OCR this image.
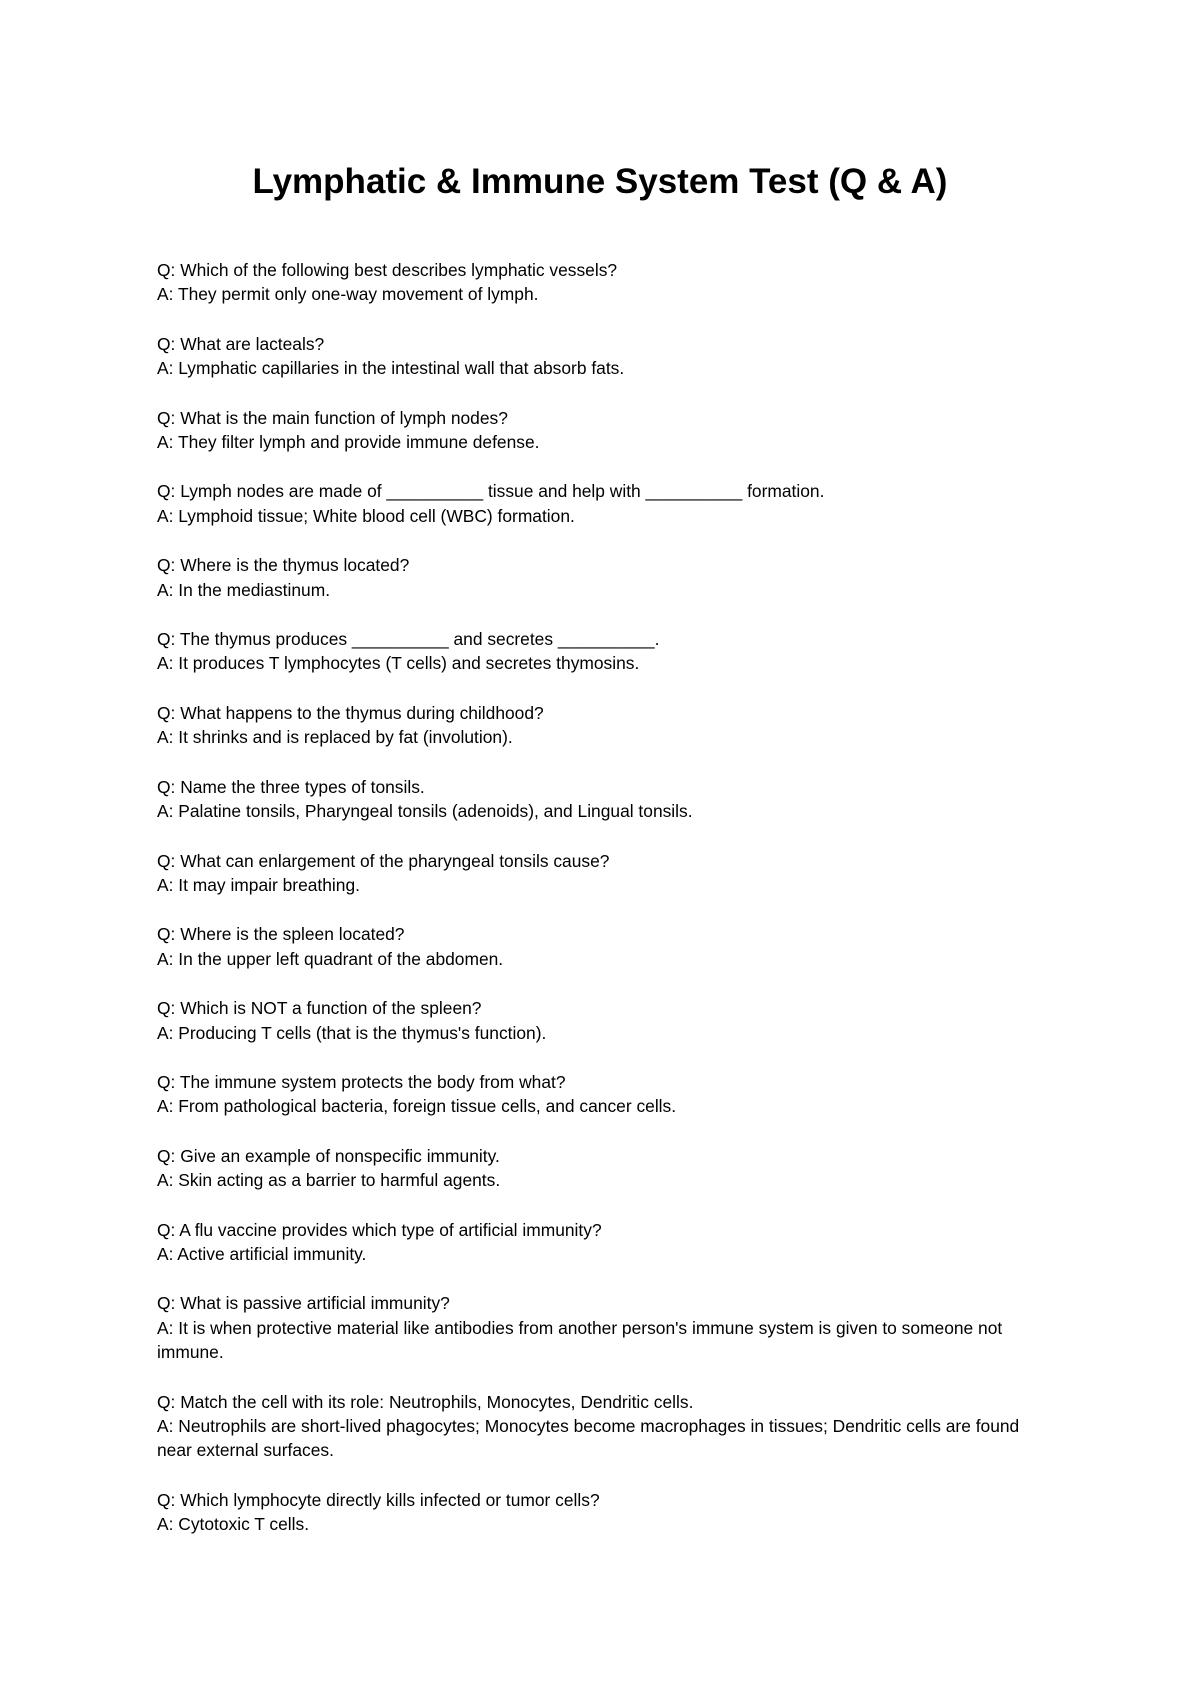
Lymphatic & Immune System Test (Q & A)
Q: Which of the following best describes lymphatic vessels?
A: They permit only one-way movement of lymph.
Q: What are lacteals?
A: Lymphatic capillaries in the intestinal wall that absorb fats.
Q: What is the main function of lymph nodes?
A: They filter lymph and provide immune defense.
Q: Lymph nodes are made of __________ tissue and help with __________ formation.
A: Lymphoid tissue; White blood cell (WBC) formation.
Q: Where is the thymus located?
A: In the mediastinum.
Q: The thymus produces __________ and secretes __________.
A: It produces T lymphocytes (T cells) and secretes thymosins.
Q: What happens to the thymus during childhood?
A: It shrinks and is replaced by fat (involution).
Q: Name the three types of tonsils.
A: Palatine tonsils, Pharyngeal tonsils (adenoids), and Lingual tonsils.
Q: What can enlargement of the pharyngeal tonsils cause?
A: It may impair breathing.
Q: Where is the spleen located?
A: In the upper left quadrant of the abdomen.
Q: Which is NOT a function of the spleen?
A: Producing T cells (that is the thymus's function).
Q: The immune system protects the body from what?
A: From pathological bacteria, foreign tissue cells, and cancer cells.
Q: Give an example of nonspecific immunity.
A: Skin acting as a barrier to harmful agents.
Q: A flu vaccine provides which type of artificial immunity?
A: Active artificial immunity.
Q: What is passive artificial immunity?
A: It is when protective material like antibodies from another person's immune system is given to someone not immune.
Q: Match the cell with its role: Neutrophils, Monocytes, Dendritic cells.
A: Neutrophils are short-lived phagocytes; Monocytes become macrophages in tissues; Dendritic cells are found near external surfaces.
Q: Which lymphocyte directly kills infected or tumor cells?
A: Cytotoxic T cells.
